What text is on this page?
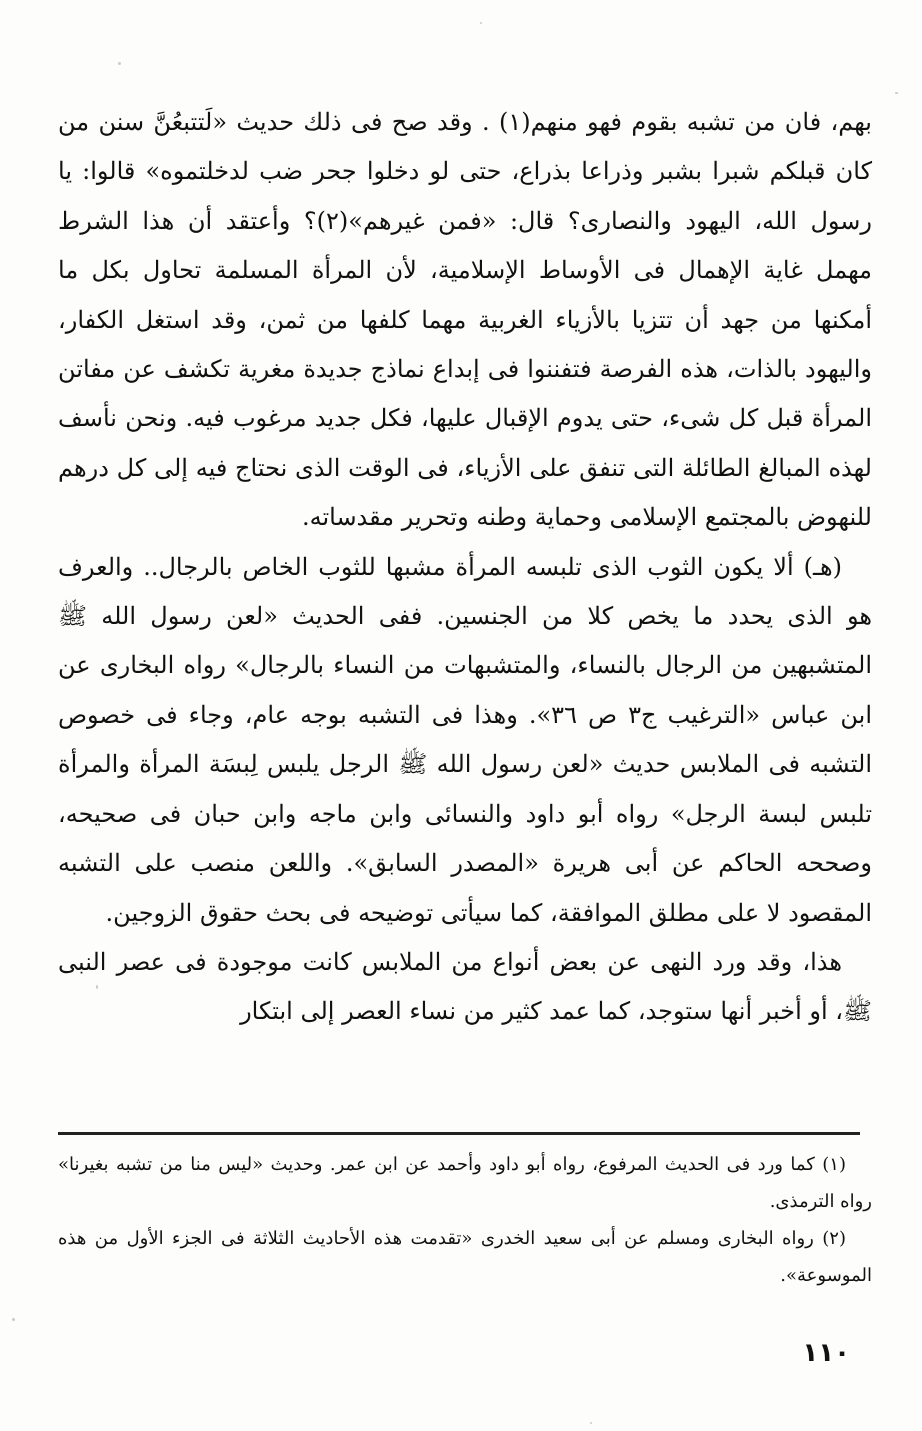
بهم، فان من تشبه بقوم فهو منهم(١) . وقد صح فى ذلك حديث «لَتتبعُنَّ سنن من كان قبلكم شبرا بشبر وذراعا بذراع، حتى لو دخلوا جحر ضب لدخلتموه» قالوا: يا رسول الله، اليهود والنصارى؟ قال: «فمن غيرهم»(٢)؟ وأعتقد أن هذا الشرط مهمل غاية الإهمال فى الأوساط الإسلامية، لأن المرأة المسلمة تحاول بكل ما أمكنها من جهد أن تتزيا بالأزياء الغربية مهما كلفها من ثمن، وقد استغل الكفار، واليهود بالذات، هذه الفرصة فتفننوا فى إبداع نماذج جديدة مغرية تكشف عن مفاتن المرأة قبل كل شىء، حتى يدوم الإقبال عليها، فكل جديد مرغوب فيه. ونحن نأسف لهذه المبالغ الطائلة التى تنفق على الأزياء، فى الوقت الذى نحتاج فيه إلى كل درهم للنهوض بالمجتمع الإسلامى وحماية وطنه وتحرير مقدساته.

(هـ) ألا يكون الثوب الذى تلبسه المرأة مشبها للثوب الخاص بالرجال.. والعرف هو الذى يحدد ما يخص كلا من الجنسين. ففى الحديث «لعن رسول الله ﷺ المتشبهين من الرجال بالنساء، والمتشبهات من النساء بالرجال» رواه البخارى عن ابن عباس «الترغيب ج٣ ص ٣٦». وهذا فى التشبه بوجه عام، وجاء فى خصوص التشبه فى الملابس حديث «لعن رسول الله ﷺ الرجل يلبس لِبسَة المرأة والمرأة تلبس لبسة الرجل» رواه أبو داود والنسائى وابن ماجه وابن حبان فى صحيحه، وصححه الحاكم عن أبى هريرة «المصدر السابق». واللعن منصب على التشبه المقصود لا على مطلق الموافقة، كما سيأتى توضيحه فى بحث حقوق الزوجين.

هذا، وقد ورد النهى عن بعض أنواع من الملابس كانت موجودة فى عصر النبى ﷺ، أو أخبر أنها ستوجد، كما عمد كثير من نساء العصر إلى ابتكار

(١) كما ورد فى الحديث المرفوع، رواه أبو داود وأحمد عن ابن عمر. وحديث «ليس منا من تشبه بغيرنا» رواه الترمذى.

(٢) رواه البخارى ومسلم عن أبى سعيد الخدرى «تقدمت هذه الأحاديث الثلاثة فى الجزء الأول من هذه الموسوعة».

١١٠
